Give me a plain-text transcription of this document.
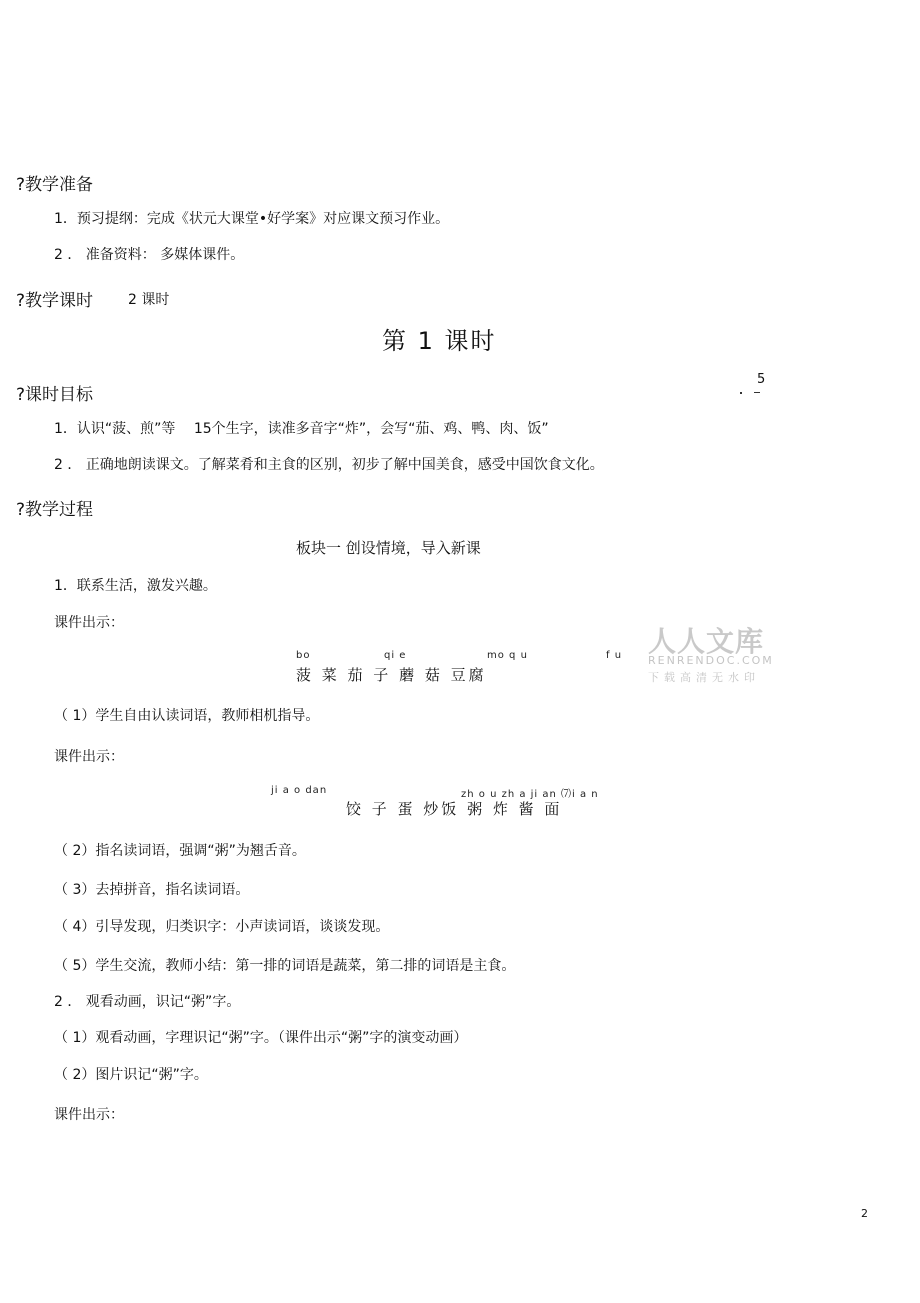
?教学准备
1．预习提纲：完成《状元大课堂•好学案》对应课文预习作业。
2 ． 准备资料： 多媒体课件。
?教学课时 2 课时
第 1 课时
?课时目标
5
1．认识“菠、煎”等　 15个生字，读准多音字“炸”，会写“茄、鸡、鸭、肉、饭”
2 ． 正确地朗读课文。了解菜肴和主食的区别，初步了解中国美食，感受中国饮食文化。
?教学过程
板块一 创设情境，导入新课
1．联系生活，激发兴趣。
课件出示：
bo	qi e	mo q u	f u
菠 菜 茄 子 蘑 菇 豆腐
人人文库
RENRENDOC.COM
下载高清无水印
（ 1）学生自由认读词语，教师相机指导。
课件出示：
ji a o dan	zh o u zh a ji an ⑺i a n
饺 子 蛋 炒饭 粥 炸 酱 面
（ 2）指名读词语，强调“粥”为翘舌音。
（ 3）去掉拼音，指名读词语。
（ 4）引导发现，归类识字：小声读词语，谈谈发现。
（ 5）学生交流，教师小结：第一排的词语是蔬菜，第二排的词语是主食。
2 ． 观看动画，识记“粥”字。
（ 1）观看动画，字理识记“粥”字。（课件出示“粥”字的演变动画）
（ 2）图片识记“粥”字。
课件出示：
2
